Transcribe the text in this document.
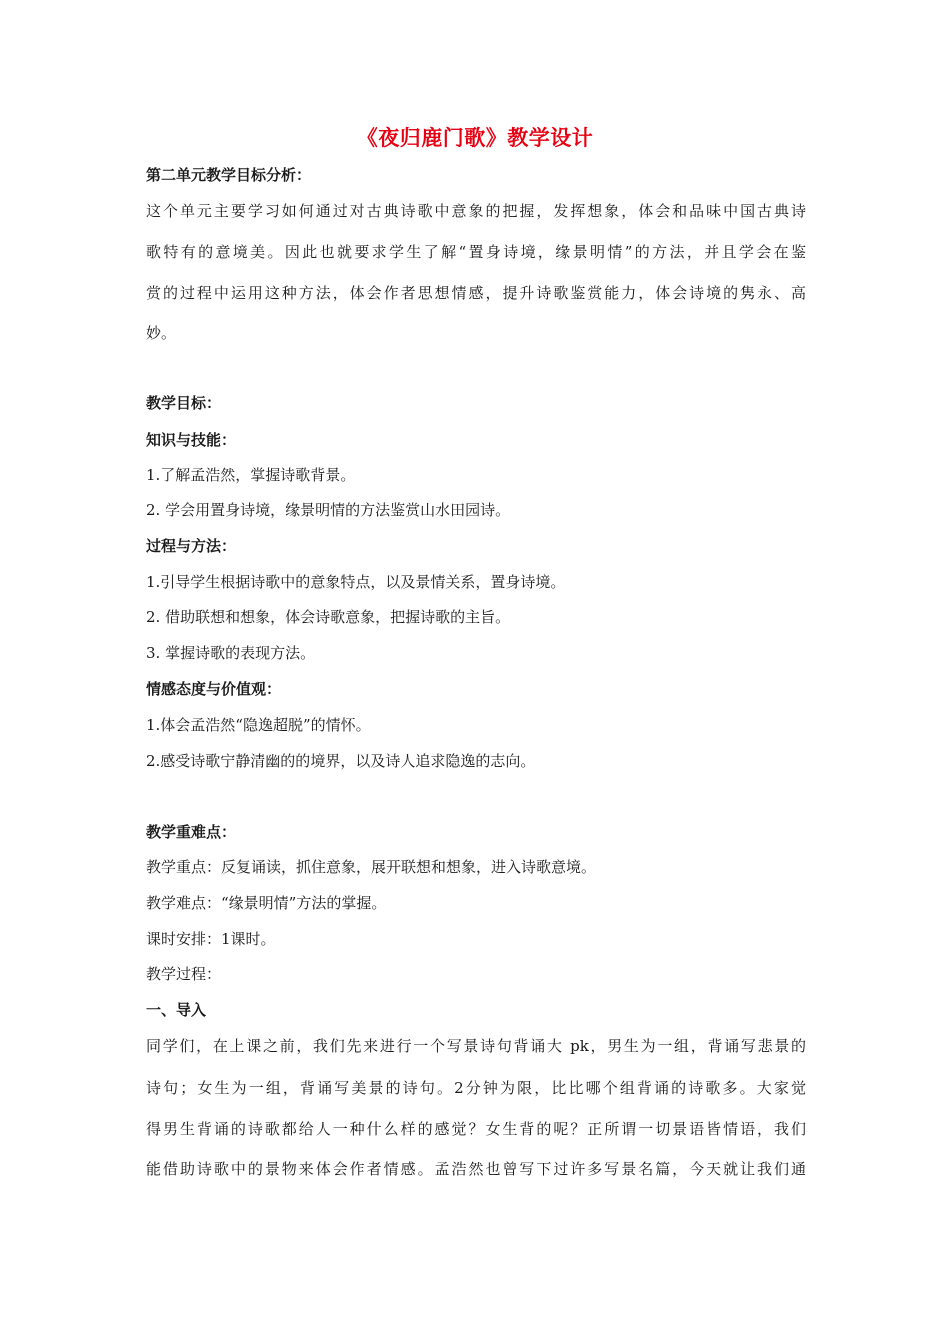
《夜归鹿门歌》教学设计
第二单元教学目标分析：
这个单元主要学习如何通过对古典诗歌中意象的把握，发挥想象，体会和品味中国古典诗
歌特有的意境美。因此也就要求学生了解“置身诗境，缘景明情”的方法，并且学会在鉴
赏的过程中运用这种方法，体会作者思想情感，提升诗歌鉴赏能力，体会诗境的隽永、高
妙。
教学目标：
知识与技能：
1.了解孟浩然，掌握诗歌背景。
2. 学会用置身诗境，缘景明情的方法鉴赏山水田园诗。
过程与方法：
1.引导学生根据诗歌中的意象特点，以及景情关系，置身诗境。
2. 借助联想和想象，体会诗歌意象，把握诗歌的主旨。
3. 掌握诗歌的表现方法。
情感态度与价值观：
1.体会孟浩然“隐逸超脱”的情怀。
2.感受诗歌宁静清幽的的境界，以及诗人追求隐逸的志向。
教学重难点：
教学重点：反复诵读，抓住意象，展开联想和想象，进入诗歌意境。
教学难点：“缘景明情”方法的掌握。
课时安排：1课时。
教学过程：
一、导入
同学们，在上课之前，我们先来进行一个写景诗句背诵大 pk，男生为一组，背诵写悲景的
诗句；女生为一组，背诵写美景的诗句。2分钟为限，比比哪个组背诵的诗歌多。大家觉
得男生背诵的诗歌都给人一种什么样的感觉？女生背的呢？正所谓一切景语皆情语，我们
能借助诗歌中的景物来体会作者情感。孟浩然也曾写下过许多写景名篇，今天就让我们通
